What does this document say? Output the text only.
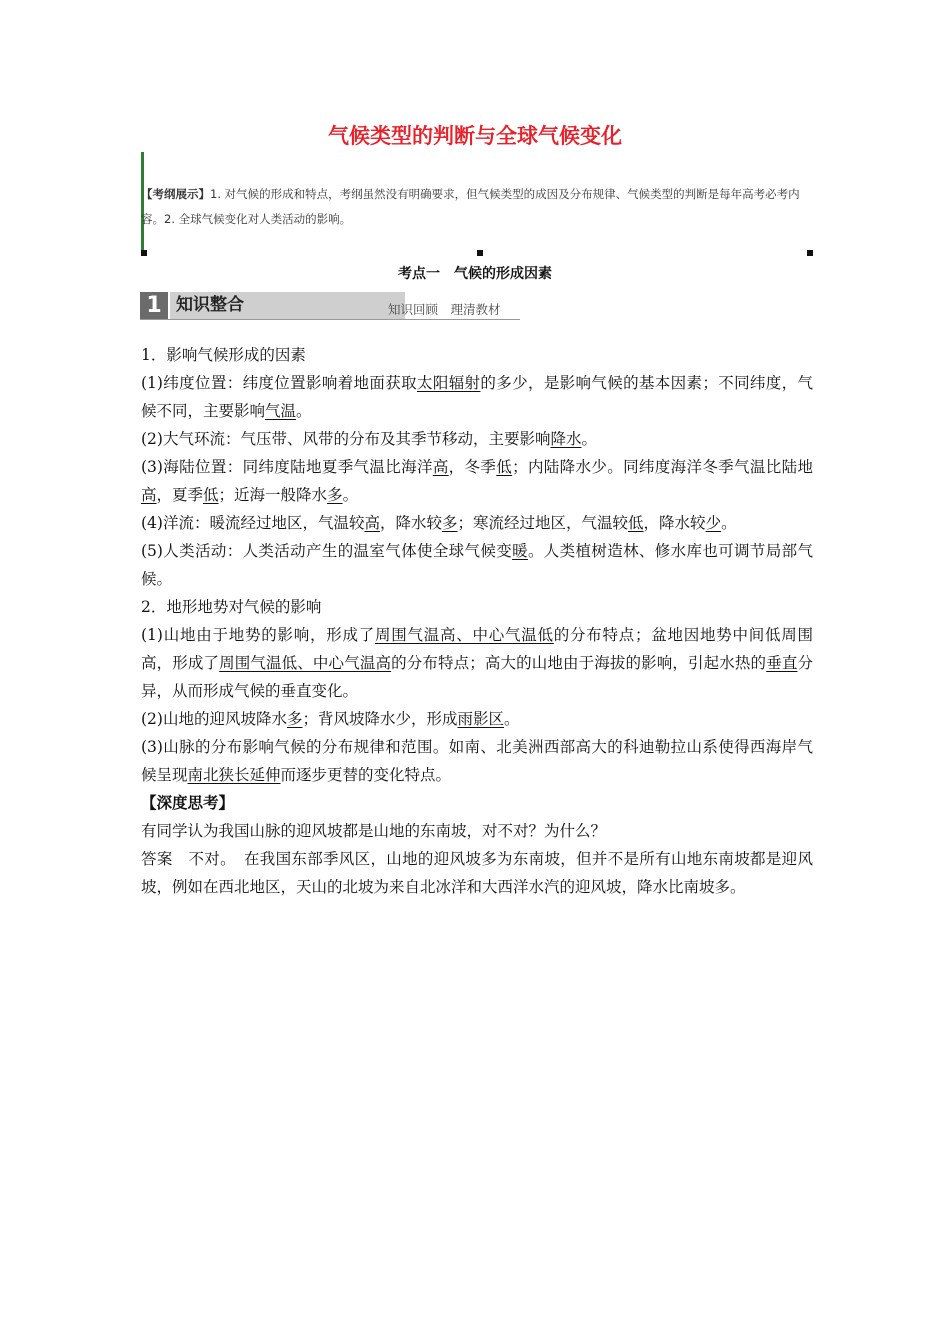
气候类型的判断与全球气候变化
【考纲展示】1. 对气候的形成和特点，考纲虽然没有明确要求，但气候类型的成因及分布规律、气候类型的判断是每年高考必考内容。2. 全球气候变化对人类活动的影响。
考点一　气候的形成因素
1 知识整合	知识回顾　理清教材

1．影响气候形成的因素

(1)纬度位置：纬度位置影响着地面获取太阳辐射的多少，是影响气候的基本因素；不同纬度，气候不同，主要影响气温。

(2)大气环流：气压带、风带的分布及其季节移动，主要影响降水。

(3)海陆位置：同纬度陆地夏季气温比海洋高，冬季低；内陆降水少。同纬度海洋冬季气温比陆地高，夏季低；近海一般降水多。

(4)洋流：暖流经过地区，气温较高，降水较多；寒流经过地区，气温较低，降水较少。

(5)人类活动：人类活动产生的温室气体使全球气候变暖。人类植树造林、修水库也可调节局部气候。

2．地形地势对气候的影响

(1)山地由于地势的影响，形成了周围气温高、中心气温低的分布特点；盆地因地势中间低周围高，形成了周围气温低、中心气温高的分布特点；高大的山地由于海拔的影响，引起水热的垂直分异，从而形成气候的垂直变化。

(2)山地的迎风坡降水多；背风坡降水少，形成雨影区。

(3)山脉的分布影响气候的分布规律和范围。如南、北美洲西部高大的科迪勒拉山系使得西海岸气候呈现南北狭长延伸而逐步更替的变化特点。

【深度思考】

有同学认为我国山脉的迎风坡都是山地的东南坡，对不对？为什么？

答案　 不对。　在我国东部季风区，山地的迎风坡多为东南坡，但并不是所有山地东南坡都是迎风坡，例如在西北地区，天山的北坡为来自北冰洋和大西洋水汽的迎风坡，降水比南坡多。
